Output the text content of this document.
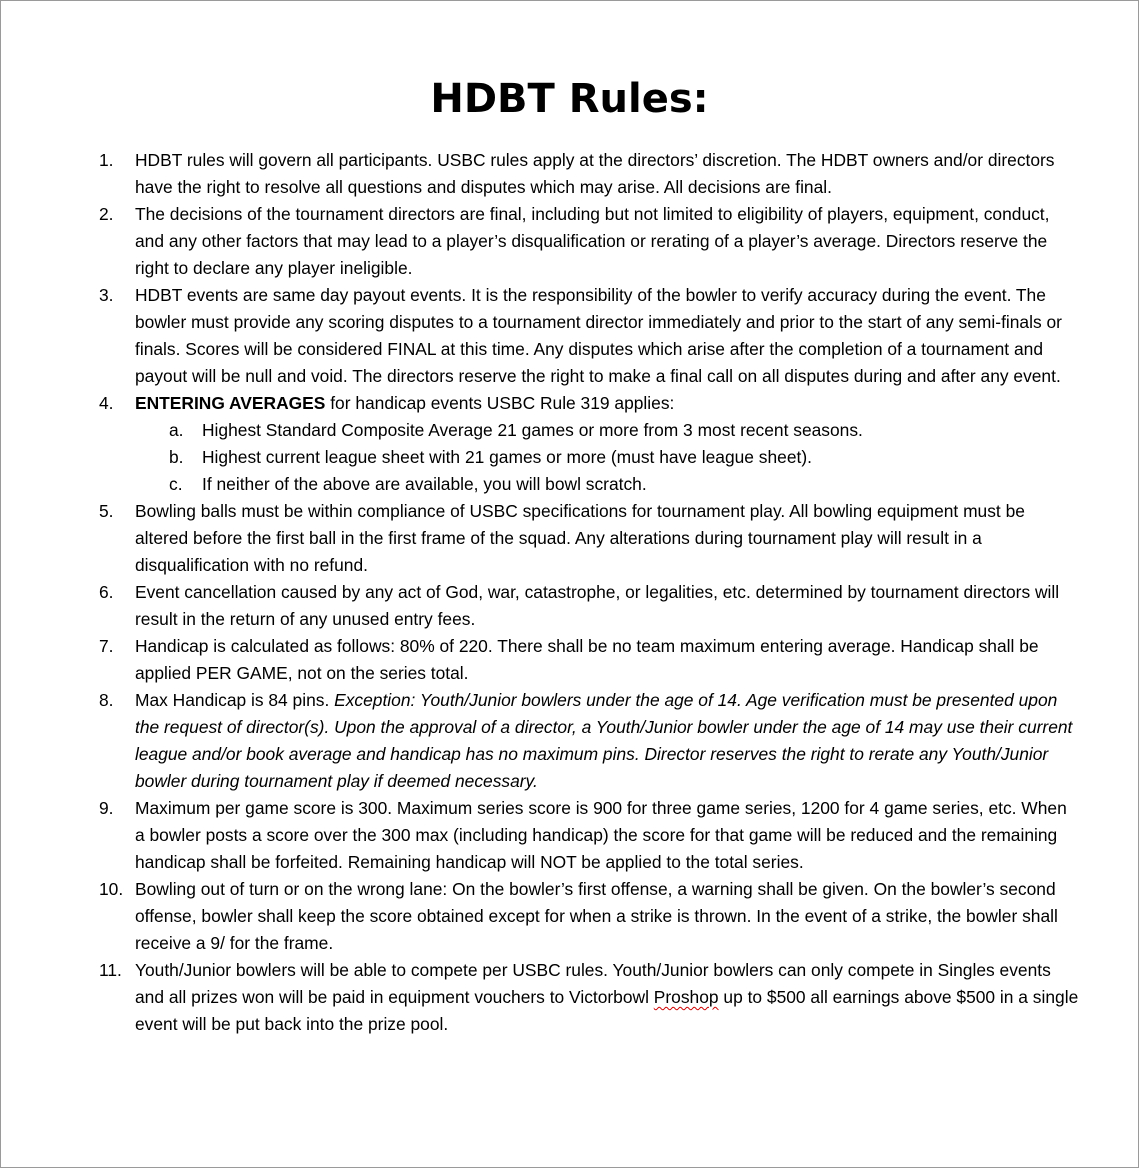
HDBT Rules:
1.	HDBT rules will govern all participants. USBC rules apply at the directors’ discretion. The HDBT owners and/or directors have the right to resolve all questions and disputes which may arise. All decisions are final.
2.	The decisions of the tournament directors are final, including but not limited to eligibility of players, equipment, conduct, and any other factors that may lead to a player’s disqualification or rerating of a player’s average. Directors reserve the right to declare any player ineligible.
3.	HDBT events are same day payout events. It is the responsibility of the bowler to verify accuracy during the event. The bowler must provide any scoring disputes to a tournament director immediately and prior to the start of any semi-finals or finals. Scores will be considered FINAL at this time. Any disputes which arise after the completion of a tournament and payout will be null and void. The directors reserve the right to make a final call on all disputes during and after any event.
4.	ENTERING AVERAGES for handicap events USBC Rule 319 applies:
a. Highest Standard Composite Average 21 games or more from 3 most recent seasons.
b. Highest current league sheet with 21 games or more (must have league sheet).
c. If neither of the above are available, you will bowl scratch.
5.	Bowling balls must be within compliance of USBC specifications for tournament play. All bowling equipment must be altered before the first ball in the first frame of the squad. Any alterations during tournament play will result in a disqualification with no refund.
6.	Event cancellation caused by any act of God, war, catastrophe, or legalities, etc. determined by tournament directors will result in the return of any unused entry fees.
7.	Handicap is calculated as follows: 80% of 220. There shall be no team maximum entering average. Handicap shall be applied PER GAME, not on the series total.
8.	Max Handicap is 84 pins. Exception: Youth/Junior bowlers under the age of 14. Age verification must be presented upon the request of director(s). Upon the approval of a director, a Youth/Junior bowler under the age of 14 may use their current league and/or book average and handicap has no maximum pins. Director reserves the right to rerate any Youth/Junior bowler during tournament play if deemed necessary.
9.	Maximum per game score is 300. Maximum series score is 900 for three game series, 1200 for 4 game series, etc. When a bowler posts a score over the 300 max (including handicap) the score for that game will be reduced and the remaining handicap shall be forfeited. Remaining handicap will NOT be applied to the total series.
10. Bowling out of turn or on the wrong lane: On the bowler’s first offense, a warning shall be given. On the bowler’s second offense, bowler shall keep the score obtained except for when a strike is thrown. In the event of a strike, the bowler shall receive a 9/ for the frame.
11. Youth/Junior bowlers will be able to compete per USBC rules. Youth/Junior bowlers can only compete in Singles events and all prizes won will be paid in equipment vouchers to Victorbowl Proshop up to $500 all earnings above $500 in a single event will be put back into the prize pool.
